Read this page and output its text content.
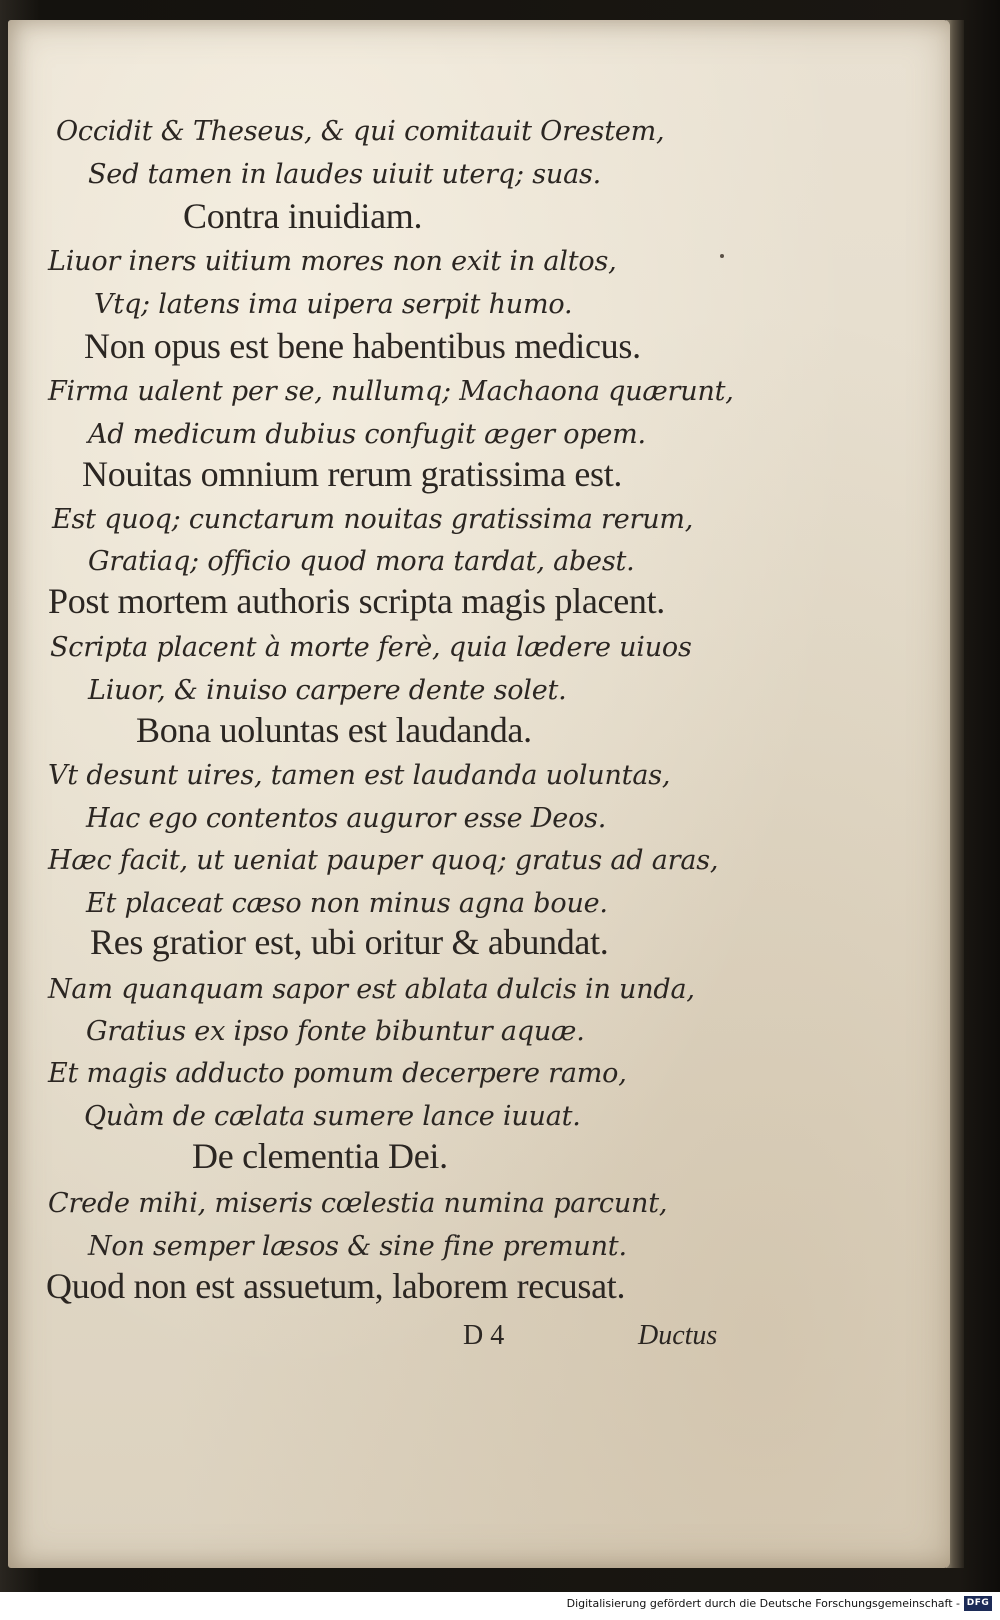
Occidit & Theseus, & qui comitauit Orestem,
Sed tamen in laudes uiuit uterq; suas.
Contra inuidiam.
Liuor iners uitium mores non exit in altos,
Vtq; latens ima uipera serpit humo.
Non opus est bene habentibus medicus.
Firma ualent per se, nullumq; Machaona quærunt,
Ad medicum dubius confugit æger opem.
Nouitas omnium rerum gratissima est.
Est quoq; cunctarum nouitas gratissima rerum,
Gratiaq; officio quod mora tardat, abest.
Post mortem authoris scripta magis placent.
Scripta placent à morte ferè, quia lædere uiuos
Liuor, & inuiso carpere dente solet.
Bona uoluntas est laudanda.
Vt desunt uires, tamen est laudanda uoluntas,
Hac ego contentos auguror esse Deos.
Hæc facit, ut ueniat pauper quoq; gratus ad aras,
Et placeat cæso non minus agna boue.
Res gratior est, ubi oritur & abundat.
Nam quanquam sapor est ablata dulcis in unda,
Gratius ex ipso fonte bibuntur aquæ.
Et magis adducto pomum decerpere ramo,
Quàm de cælata sumere lance iuuat.
De clementia Dei.
Crede mihi, miseris cœlestia numina parcunt,
Non semper læsos & sine fine premunt.
Quod non est assuetum, laborem recusat.
D 4	Ductus
Digitalisierung gefördert durch die Deutsche Forschungsgemeinschaft - DFG
